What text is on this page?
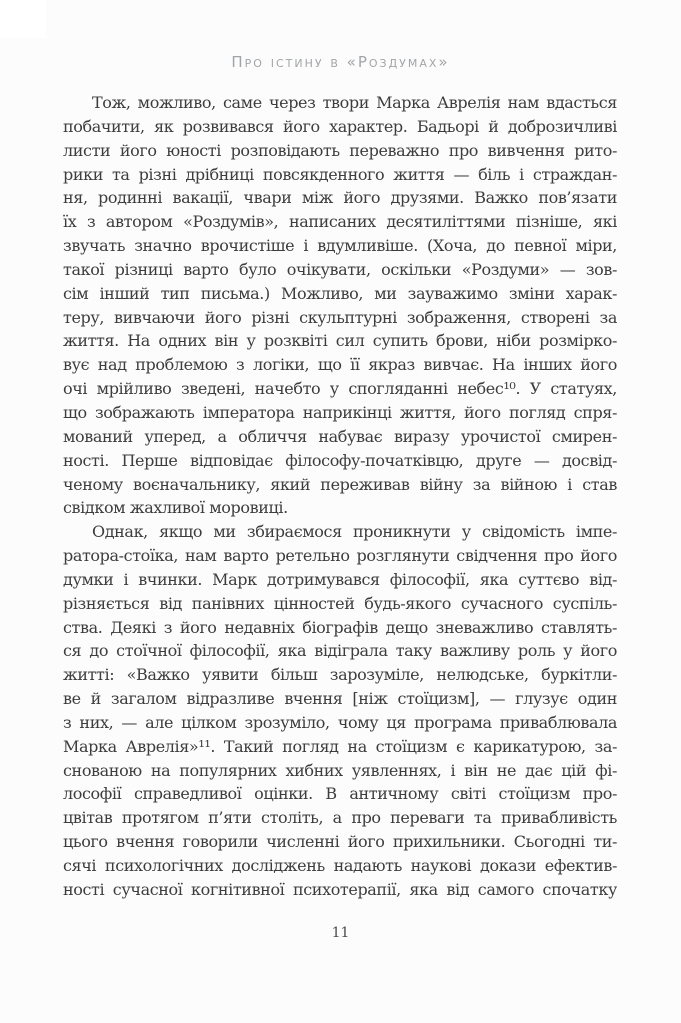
Про істину в «Роздумах»
Тож, можливо, саме через твори Марка Аврелія нам вдасться
побачити, як розвивався його характер. Бадьорі й доброзичливі
листи його юності розповідають переважно про вивчення рито-
рики та різні дрібниці повсякденного життя — біль і страждан-
ня, родинні вакації, чвари між його друзями. Важко пов’язати
їх з автором «Роздумів», написаних десятиліттями пізніше, які
звучать значно врочистіше і вдумливіше. (Хоча, до певної міри,
такої різниці варто було очікувати, оскільки «Роздуми» — зов-
сім інший тип письма.) Можливо, ми зауважимо зміни харак-
теру, вивчаючи його різні скульптурні зображення, створені за
життя. На одних він у розквіті сил супить брови, ніби розмірко-
вує над проблемою з логіки, що її якраз вивчає. На інших його
очі мрійливо зведені, начебто у спогляданні небес¹⁰. У статуях,
що зображають імператора наприкінці життя, його погляд спря-
мований уперед, а обличчя набуває виразу урочистої смирен-
ності. Перше відповідає філософу-початківцю, друге — досвід-
ченому воєначальнику, який переживав війну за війною і став
свідком жахливої моровиці.
Однак, якщо ми збираємося проникнути у свідомість імпе-
ратора-стоїка, нам варто ретельно розглянути свідчення про його
думки і вчинки. Марк дотримувався філософії, яка суттєво від-
різняється від панівних цінностей будь-якого сучасного суспіль-
ства. Деякі з його недавніх біографів дещо зневажливо ставлять-
ся до стоїчної філософії, яка відіграла таку важливу роль у його
житті: «Важко уявити більш зарозуміле, нелюдське, буркітли-
ве й загалом відразливе вчення [ніж стоїцизм], — глузує один
з них, — але цілком зрозуміло, чому ця програма приваблювала
Марка Аврелія»¹¹. Такий погляд на стоїцизм є карикатурою, за-
снованою на популярних хибних уявленнях, і він не дає цій фі-
лософії справедливої оцінки. В античному світі стоїцизм про-
цвітав протягом п’яти століть, а про переваги та привабливість
цього вчення говорили численні його прихильники. Сьогодні ти-
сячі психологічних досліджень надають наукові докази ефектив-
ності сучасної когнітивної психотерапії, яка від самого спочатку
11
